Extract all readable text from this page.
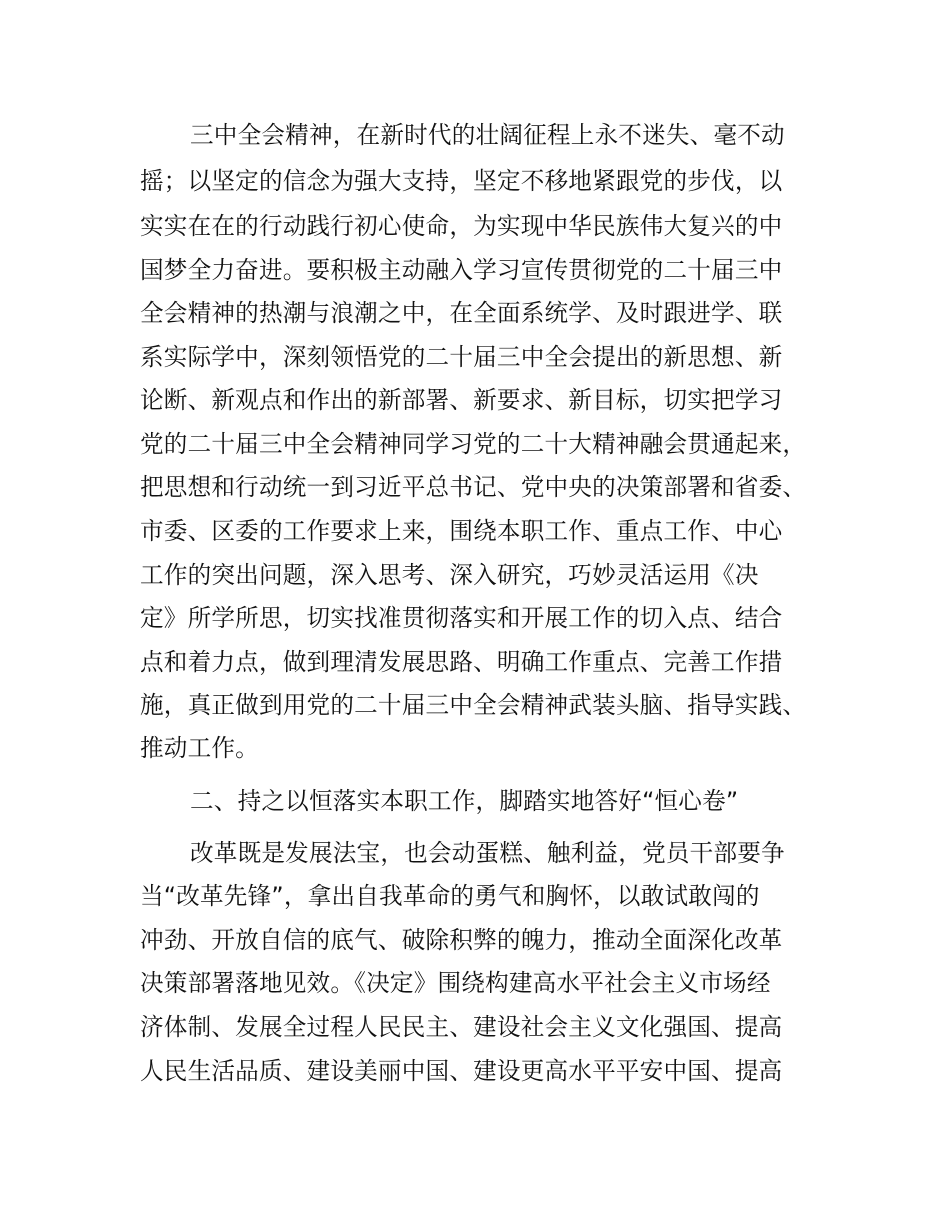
三中全会精神，在新时代的壮阔征程上永不迷失、毫不动
摇；以坚定的信念为强大支持，坚定不移地紧跟党的步伐，以
实实在在的行动践行初心使命，为实现中华民族伟大复兴的中
国梦全力奋进。要积极主动融入学习宣传贯彻党的二十届三中
全会精神的热潮与浪潮之中，在全面系统学、及时跟进学、联
系实际学中，深刻领悟党的二十届三中全会提出的新思想、新
论断、新观点和作出的新部署、新要求、新目标，切实把学习
党的二十届三中全会精神同学习党的二十大精神融会贯通起来，
把思想和行动统一到习近平总书记、党中央的决策部署和省委、
市委、区委的工作要求上来，围绕本职工作、重点工作、中心
工作的突出问题，深入思考、深入研究，巧妙灵活运用《决
定》所学所思，切实找准贯彻落实和开展工作的切入点、结合
点和着力点，做到理清发展思路、明确工作重点、完善工作措
施，真正做到用党的二十届三中全会精神武装头脑、指导实践、
推动工作。
二、持之以恒落实本职工作，脚踏实地答好“恒心卷”
改革既是发展法宝，也会动蛋糕、触利益，党员干部要争
当“改革先锋”，拿出自我革命的勇气和胸怀，以敢试敢闯的
冲劲、开放自信的底气、破除积弊的魄力，推动全面深化改革
决策部署落地见效。《决定》围绕构建高水平社会主义市场经
济体制、发展全过程人民民主、建设社会主义文化强国、提高
人民生活品质、建设美丽中国、建设更高水平平安中国、提高
